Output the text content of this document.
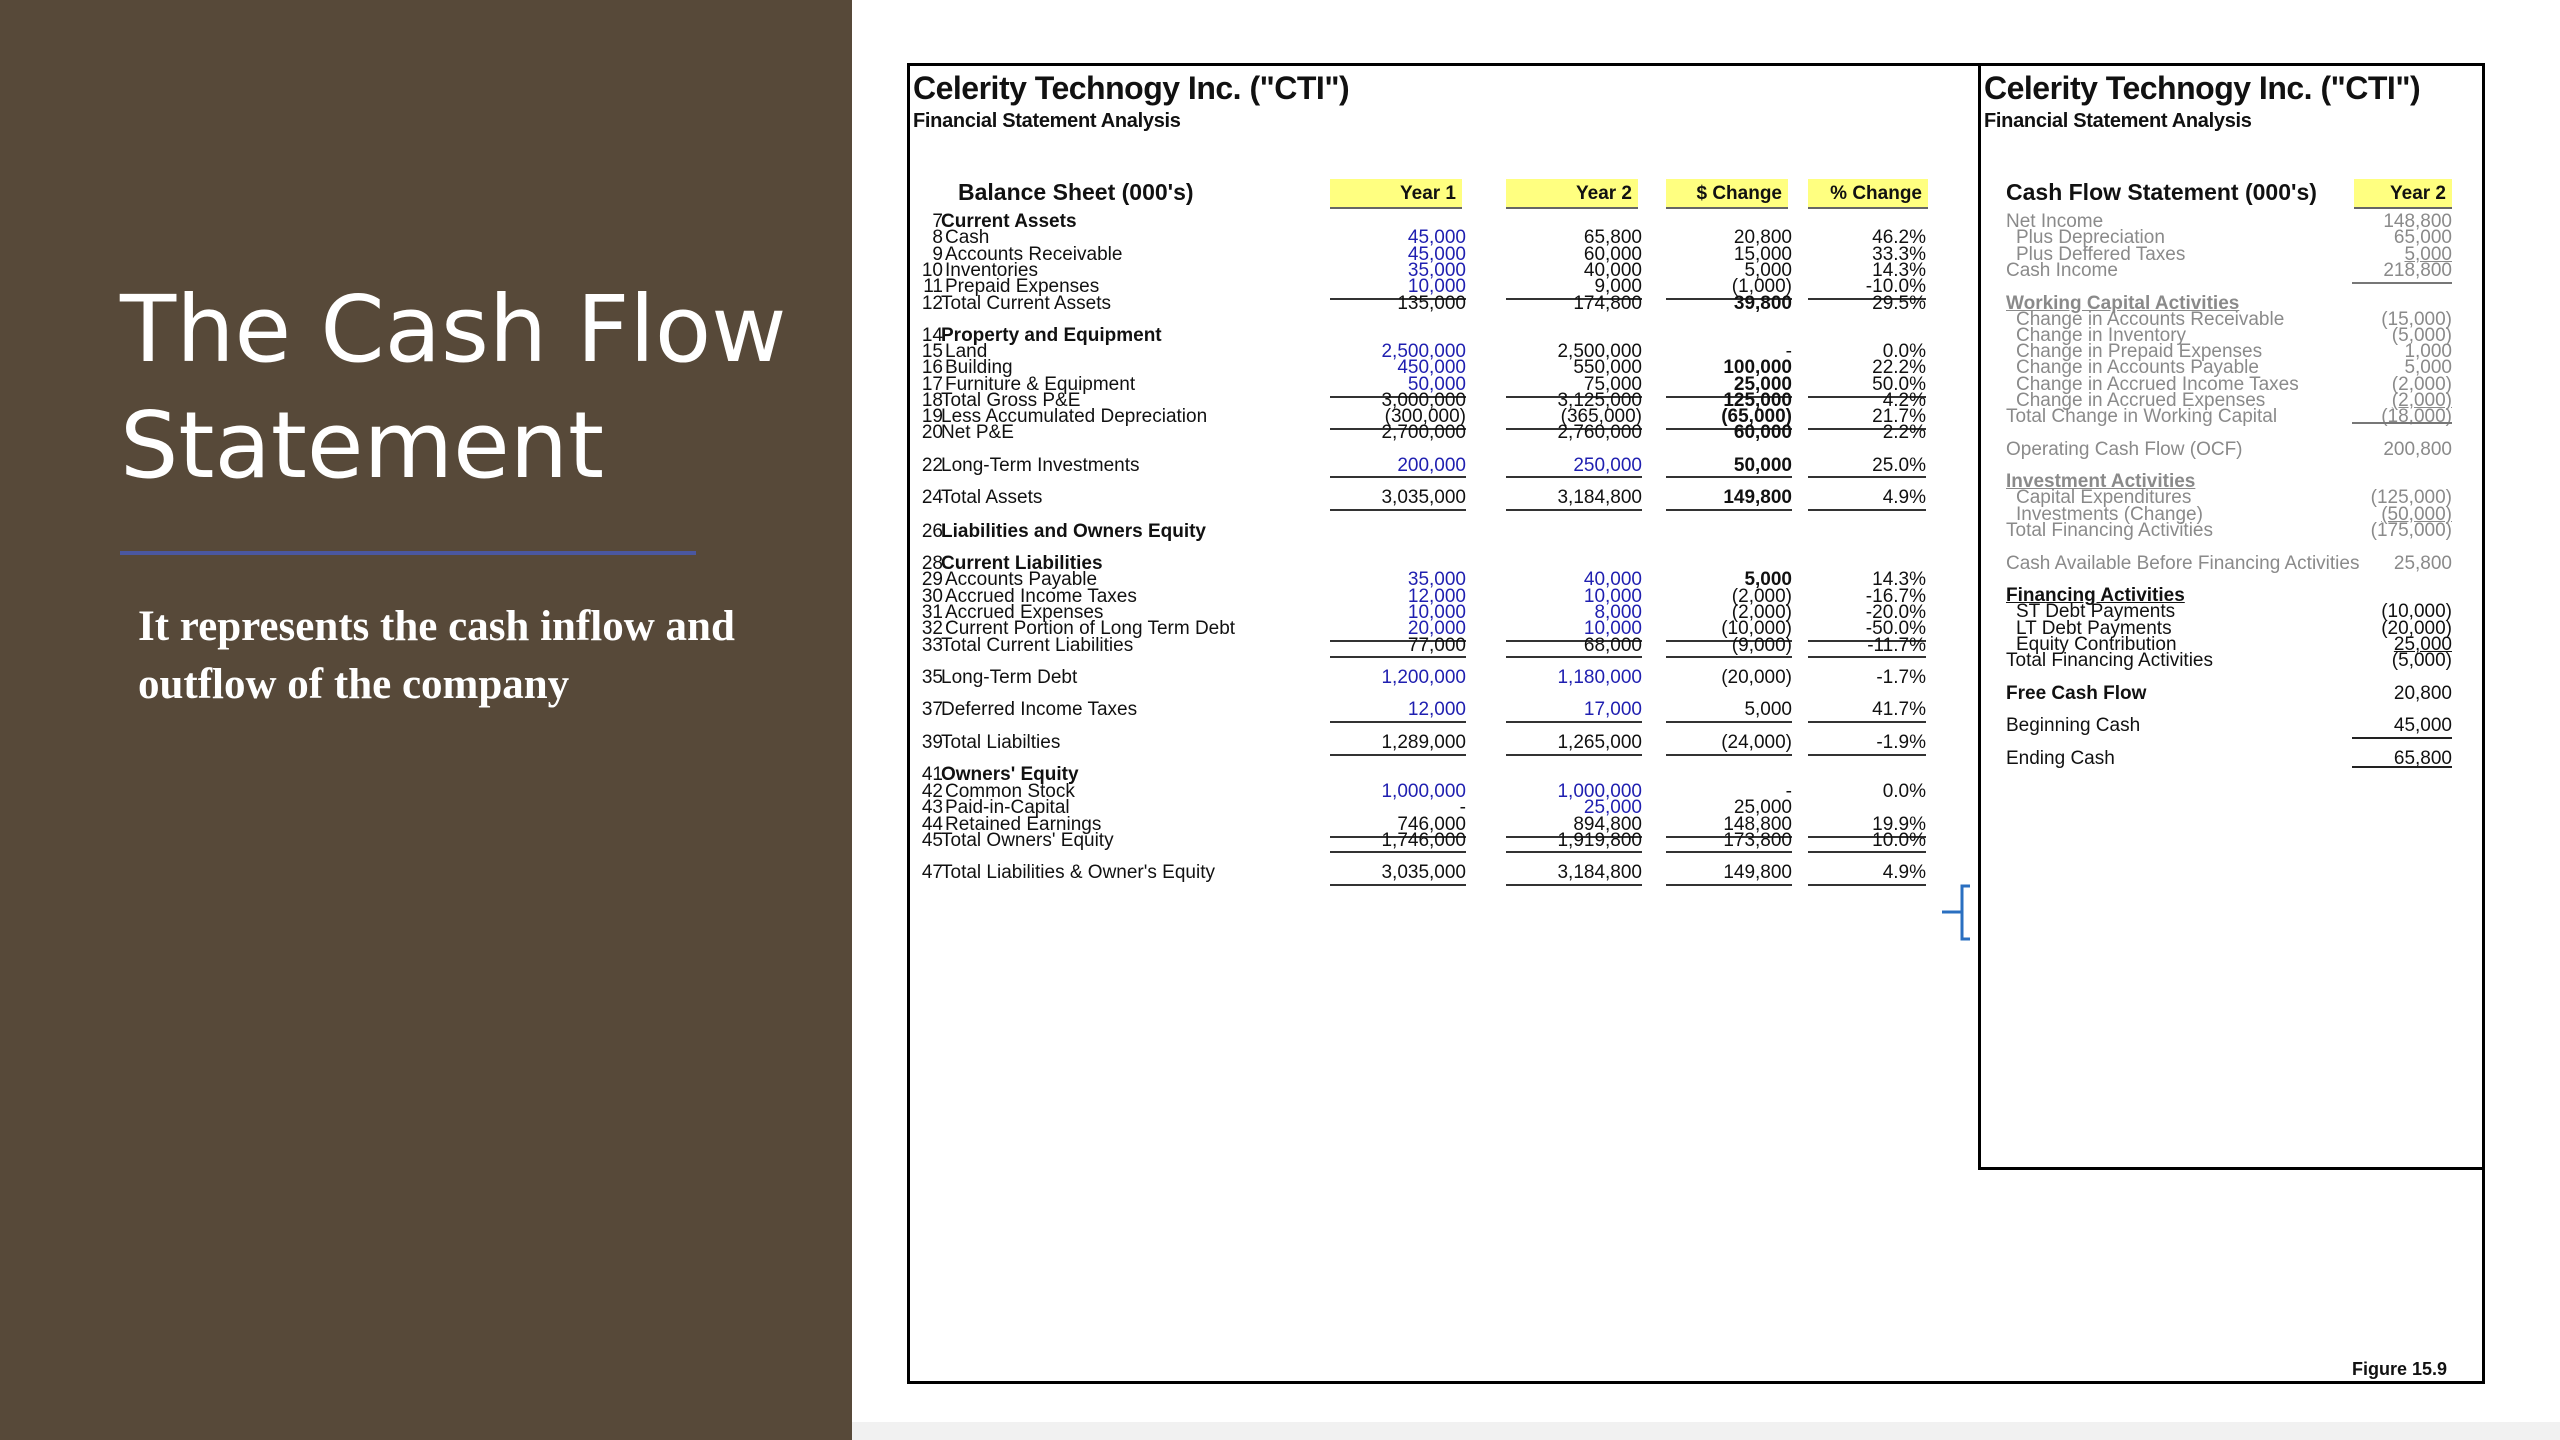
The Cash Flow Statement
It represents the cash inflow and outflow of the company
Celerity Technogy Inc. ("CTI")
Financial Statement Analysis
Balance Sheet (000's)	Year 1	Year 2	$ Change	% Change
7
Current Assets
8 Cash	45,000	65,800	20,800	46.2%
9 Accounts Receivable	45,000	60,000	15,000	33.3%
10 Inventories	35,000	40,000	5,000	14.3%
11 Prepaid Expenses	10,000	9,000	(1,000)	-10.0%
12
Total Current Assets	135,000	174,800	39,800	29.5%
14
Property and Equipment
15 Land	2,500,000	2,500,000	-	0.0%
16 Building	450,000	550,000	100,000	22.2%
17 Furniture & Equipment	50,000	75,000	25,000	50.0%
18
Total Gross P&E	3,000,000	3,125,000	125,000	4.2%
19
Less Accumulated Depreciation	(300,000)	(365,000)	(65,000)	21.7%
20
Net P&E	2,700,000	2,760,000	60,000	2.2%
22
Long-Term Investments	200,000	250,000	50,000	25.0%
24
Total Assets	3,035,000	3,184,800	149,800	4.9%
26
Liabilities and Owners Equity
28
Current Liabilities
29 Accounts Payable	35,000	40,000	5,000	14.3%
30 Accrued Income Taxes	12,000	10,000	(2,000)	-16.7%
31 Accrued Expenses	10,000	8,000	(2,000)	-20.0%
32 Current Portion of Long Term Debt	20,000	10,000	(10,000)	-50.0%
33
Total Current Liabilities	77,000	68,000	(9,000)	-11.7%
35
Long-Term Debt	1,200,000	1,180,000	(20,000)	-1.7%
37
Deferred Income Taxes	12,000	17,000	5,000	41.7%
39
Total Liabilties	1,289,000	1,265,000	(24,000)	-1.9%
41
Owners' Equity
42 Common Stock	1,000,000	1,000,000	-	0.0%
43 Paid-in-Capital	-	25,000	25,000
44 Retained Earnings	746,000	894,800	148,800	19.9%
45
Total Owners' Equity	1,746,000	1,919,800	173,800	10.0%
47
Total Liabilities & Owner's Equity	3,035,000	3,184,800	149,800	4.9%
Celerity Technogy Inc. ("CTI")
Financial Statement Analysis
Cash Flow Statement (000's)	Year 2
Net Income	148,800
Plus Depreciation	65,000
Plus Deffered Taxes	5,000
Cash Income	218,800
Working Capital Activities
Change in Accounts Receivable	(15,000)
Change in Inventory	(5,000)
Change in Prepaid Expenses	1,000
Change in Accounts Payable	5,000
Change in Accrued Income Taxes	(2,000)
Change in Accrued Expenses	(2,000)
Total Change in Working Capital	(18,000)
Operating Cash Flow (OCF)	200,800
Investment Activities
Capital Expenditures	(125,000)
Investments (Change)	(50,000)
Total Financing Activities	(175,000)
Cash Available Before Financing Activities	25,800
Financing Activities
ST Debt Payments	(10,000)
LT Debt Payments	(20,000)
Equity Contribution	25,000
Total Financing Activities	(5,000)
Free Cash Flow	20,800
Beginning Cash	45,000
Ending Cash	65,800
Figure 15.9
